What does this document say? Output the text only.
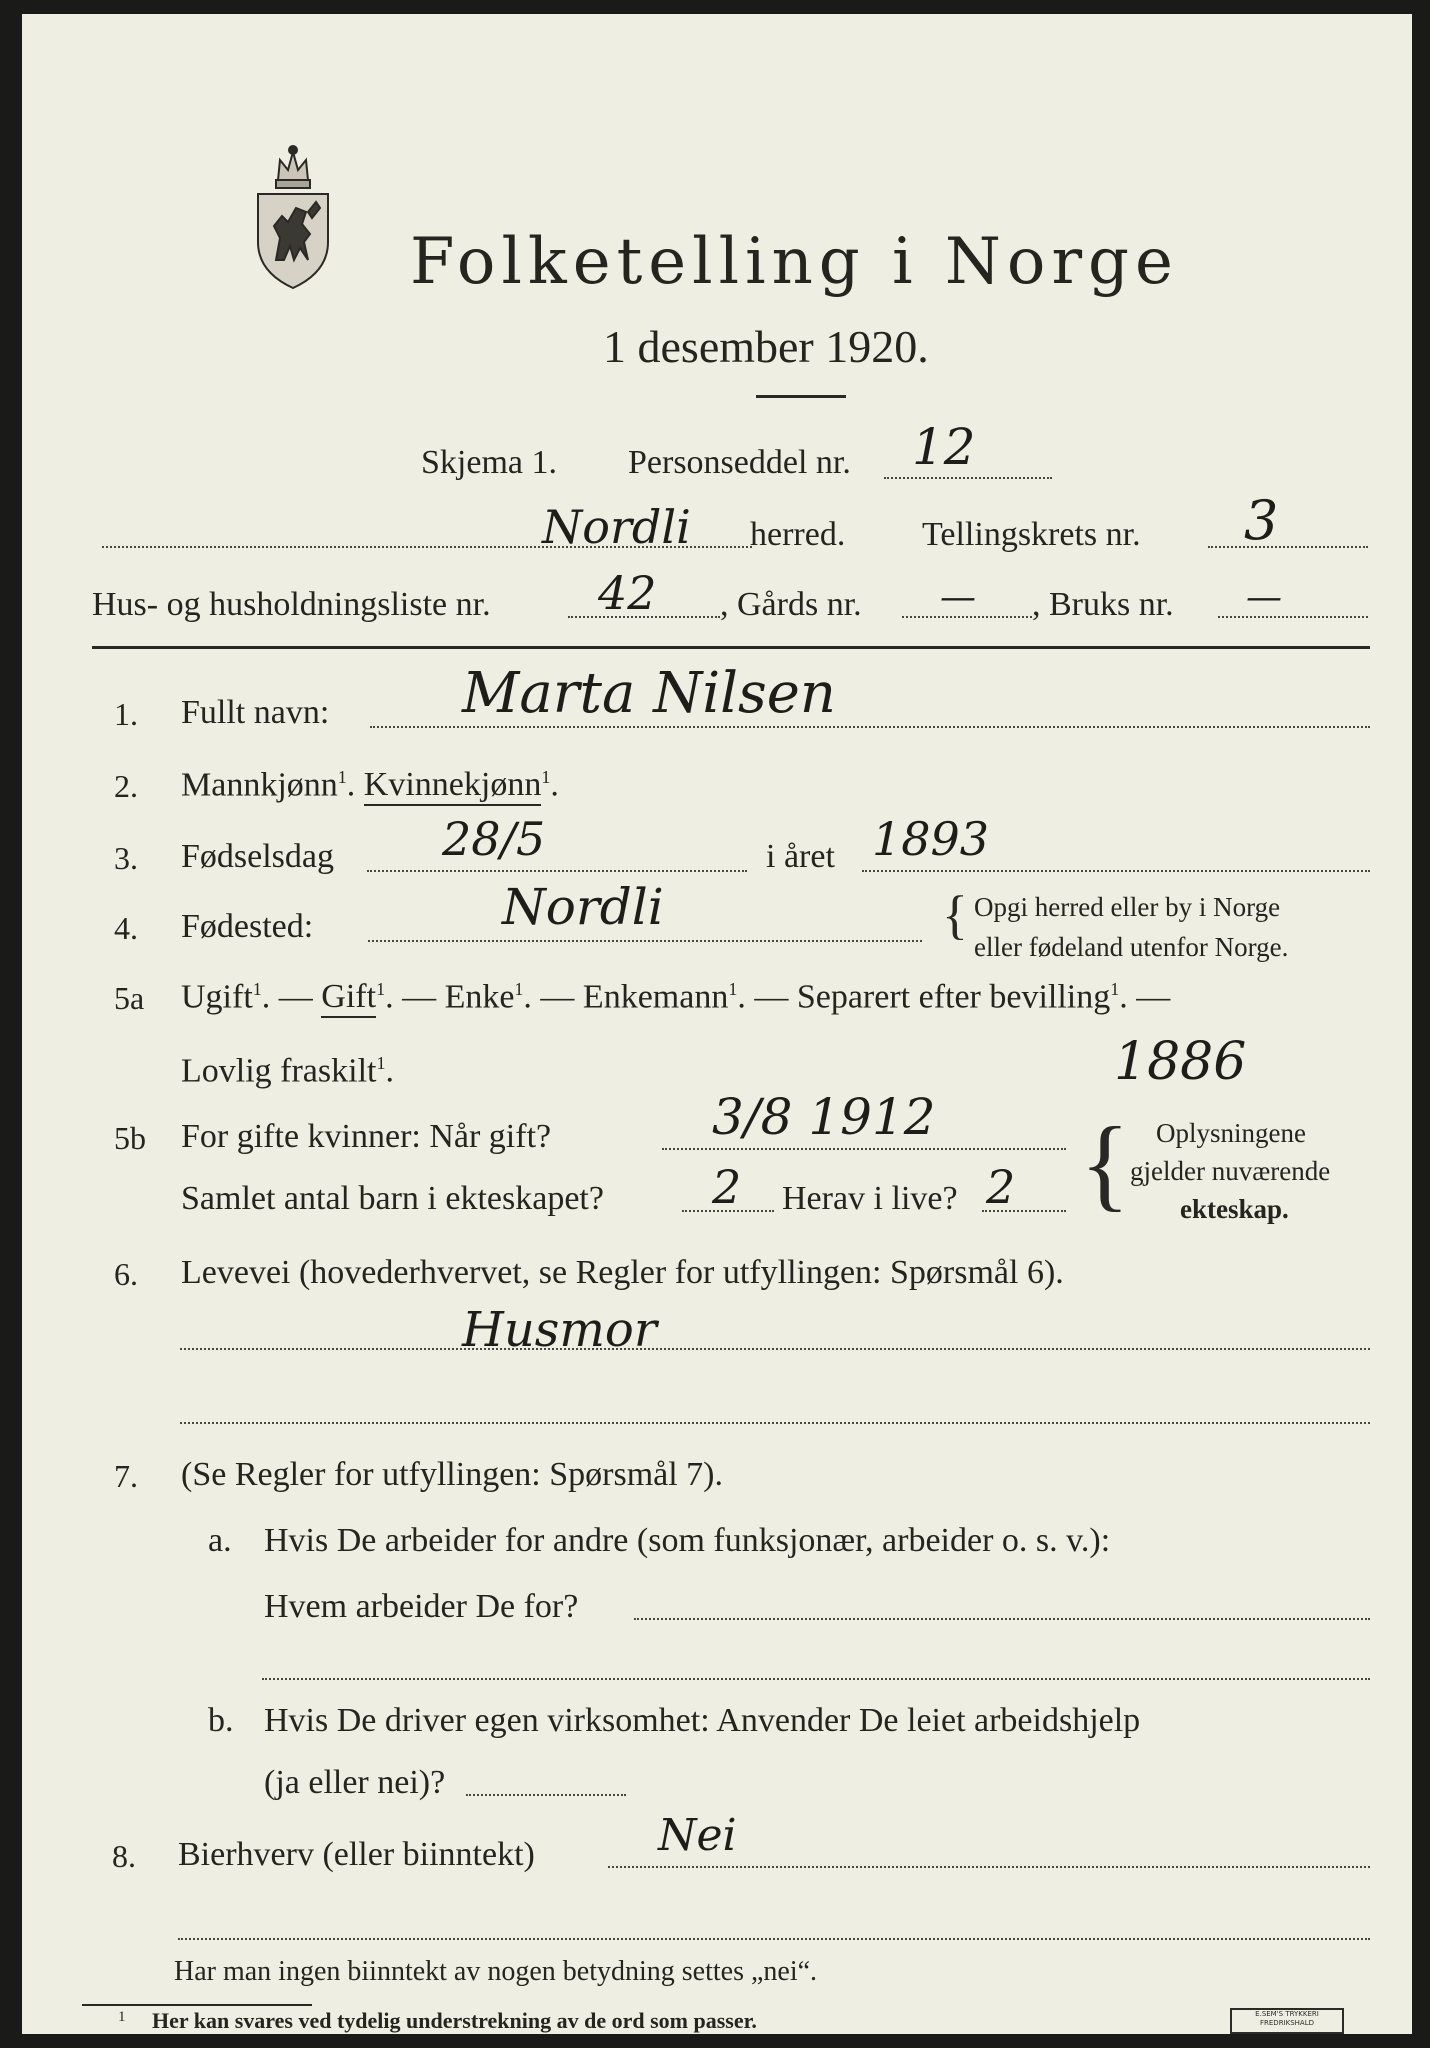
Folketelling i Norge
1 desember 1920.
Skjema 1. Personseddel nr. 12
Nordli herred. Tellingskrets nr. 3
Hus- og husholdningsliste nr. 42 , Gårds nr. — , Bruks nr. —
1. Fullt navn: Marta Nilsen
2. Mannkjønn$^1$. Kvinnekjønn$^1$.
3. Fødselsdag 28/5	i året 1893
4. Fødested:	Nordli	{ Opgi herred eller by i Norge
eller fødeland utenfor Norge.
5a Ugift$^1$. — Gift$^1$. — Enke$^1$. — Enkemann$^1$. — Separert efter bevilling$^1$. —
Lovlig fraskilt$^1$.	1886
5b For gifte kvinner: Når gift?	3/8 1912
Samlet antal barn i ekteskapet? 2 Herav i live? 2 { Oplysningene
gjelder nuværende
ekteskap.
6. Levevei (hovederhvervet, se Regler for utfyllingen: Spørsmål 6).
Husmor
7. (Se Regler for utfyllingen: Spørsmål 7).
a. Hvis De arbeider for andre (som funksjonær, arbeider o. s. v.):
Hvem arbeider De for?
b. Hvis De driver egen virksomhet: Anvender De leiet arbeidshjelp
(ja eller nei)?
8. Bierhverv (eller biinntekt)	Nei
Har man ingen biinntekt av nogen betydning settes „nei“.
1 Her kan svares ved tydelig understrekning av de ord som passer.	E.SEM'S TRYKKERI
FREDRIKSHALD
